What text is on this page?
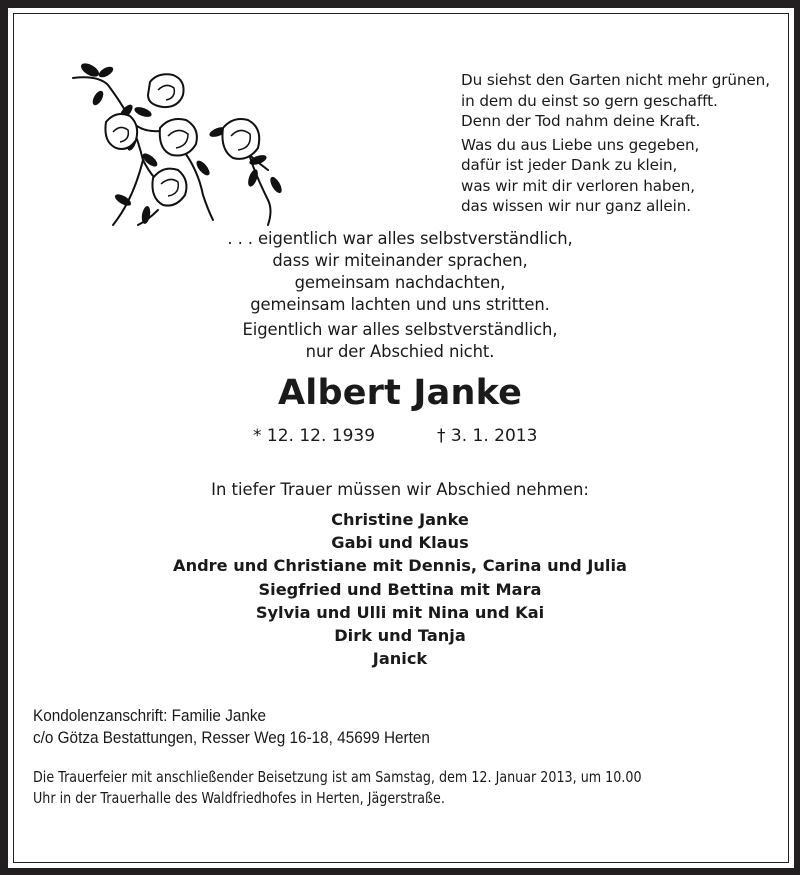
Du siehst den Garten nicht mehr grünen,
in dem du einst so gern geschafft.
Denn der Tod nahm deine Kraft.
Was du aus Liebe uns gegeben,
dafür ist jeder Dank zu klein,
was wir mit dir verloren haben,
das wissen wir nur ganz allein.
. . . eigentlich war alles selbstverständlich,
dass wir miteinander sprachen,
gemeinsam nachdachten,
gemeinsam lachten und uns stritten.
Eigentlich war alles selbstverständlich,
nur der Abschied nicht.
Albert Janke
* 12. 12. 1939	† 3. 1. 2013
In tiefer Trauer müssen wir Abschied nehmen:
Christine Janke
Gabi und Klaus
Andre und Christiane mit Dennis, Carina und Julia
Siegfried und Bettina mit Mara
Sylvia und Ulli mit Nina und Kai
Dirk und Tanja
Janick
Kondolenzanschrift: Familie Janke
c/o Götza Bestattungen, Resser Weg 16-18, 45699 Herten
Die Trauerfeier mit anschließender Beisetzung ist am Samstag, dem 12. Januar 2013, um 10.00
Uhr in der Trauerhalle des Waldfriedhofes in Herten, Jägerstraße.
